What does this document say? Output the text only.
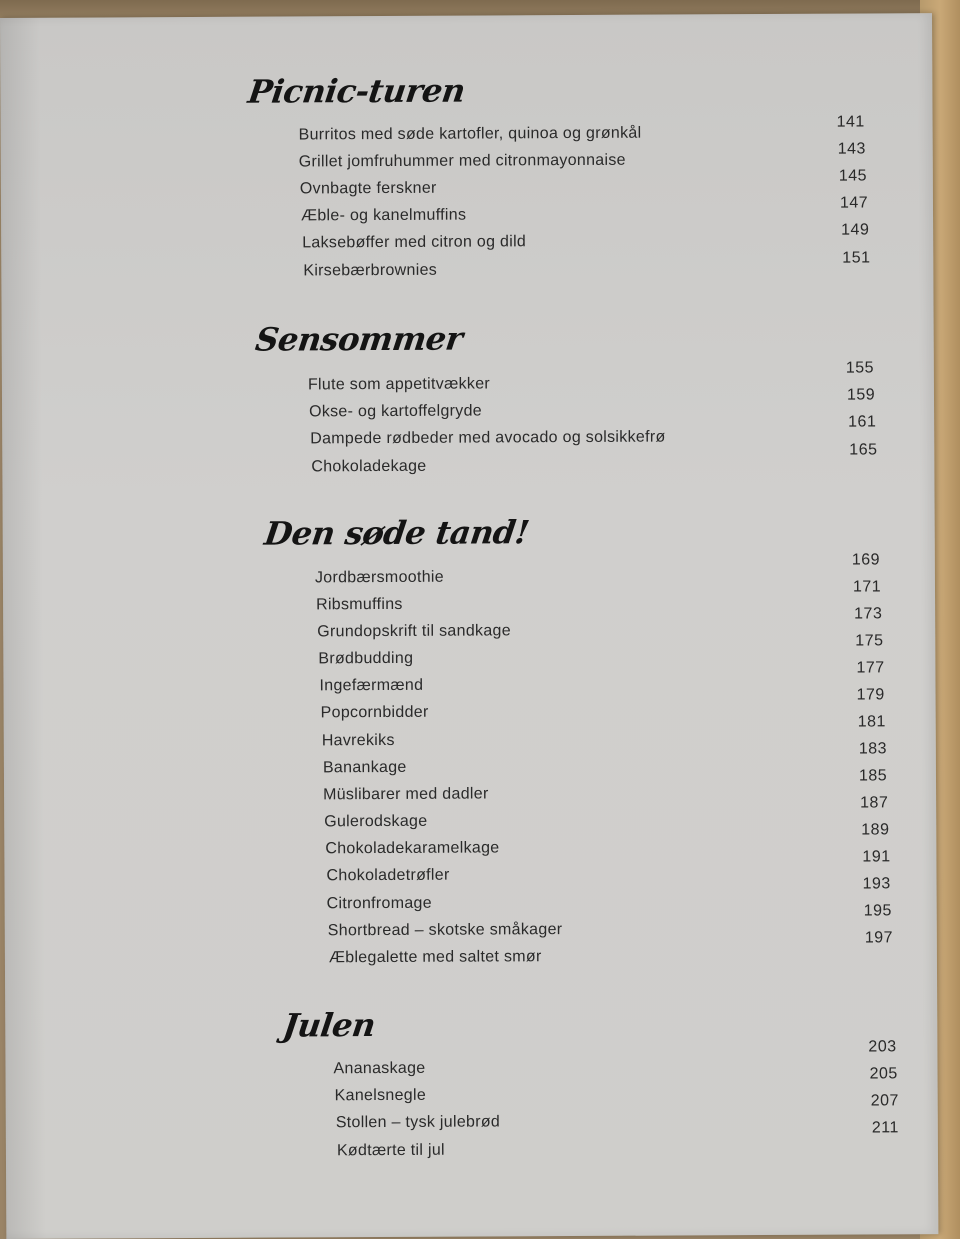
Picnic-turen
Burritos med søde kartofler, quinoa og grønkål
Grillet jomfruhummer med citronmayonnaise
Ovnbagte ferskner
Æble- og kanelmuffins
Laksebøffer med citron og dild
Kirsebærbrownies
141
143
145
147
149
151
Sensommer
Flute som appetitvækker
Okse- og kartoffelgryde
Dampede rødbeder med avocado og solsikkefrø
Chokoladekage
155
159
161
165
Den søde tand!
Jordbærsmoothie
Ribsmuffins
Grundopskrift til sandkage
Brødbudding
Ingefærmænd
Popcornbidder
Havrekiks
Banankage
Müslibarer med dadler
Gulerodskage
Chokoladekaramelkage
Chokoladetrøfler
Citronfromage
Shortbread – skotske småkager
Æblegalette med saltet smør
169
171
173
175
177
179
181
183
185
187
189
191
193
195
197
Julen
Ananaskage
Kanelsnegle
Stollen – tysk julebrød
Kødtærte til jul
203
205
207
211
